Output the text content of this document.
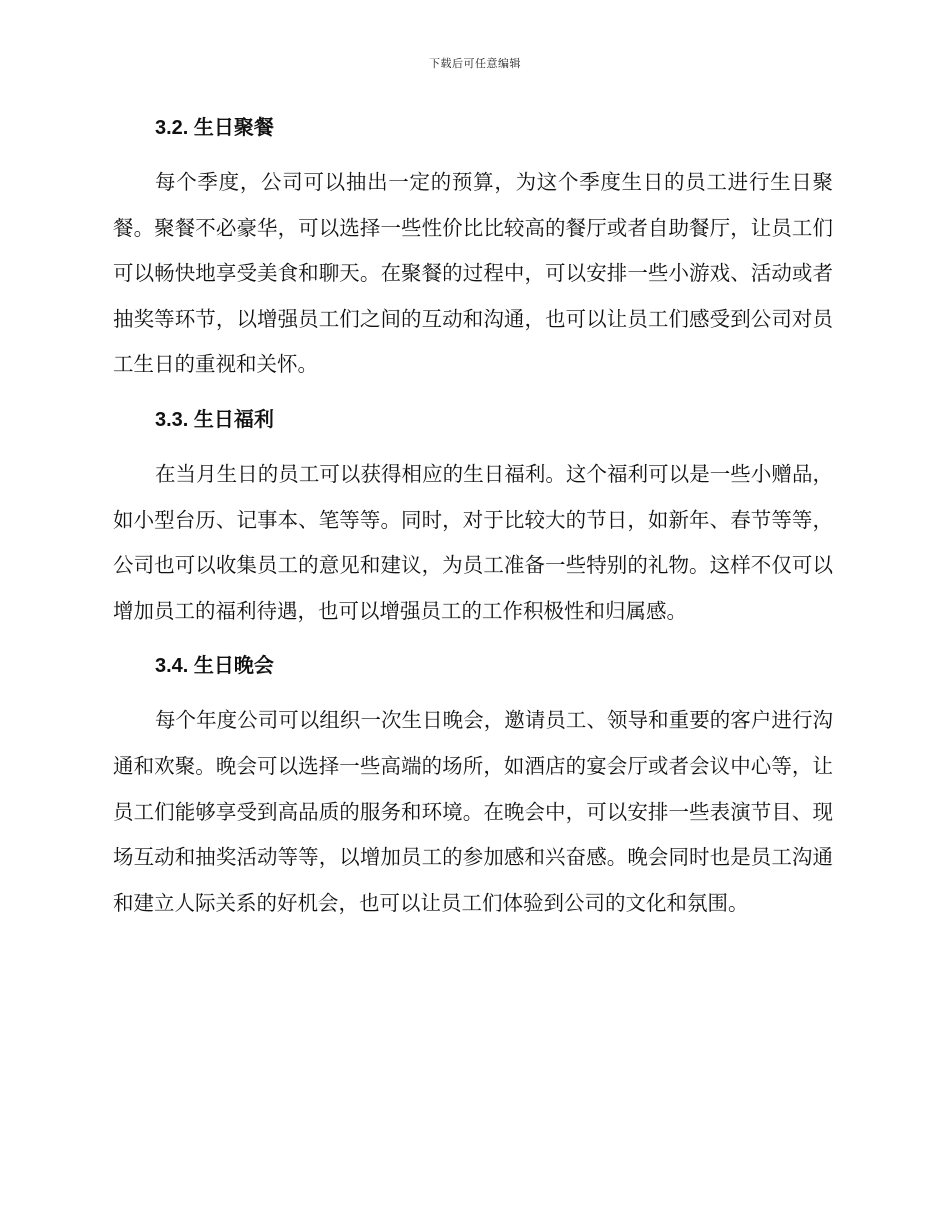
下载后可任意编辑
3.2. 生日聚餐

每个季度，公司可以抽出一定的预算，为这个季度生日的员工进行生日聚餐。聚餐不必豪华，可以选择一些性价比比较高的餐厅或者自助餐厅，让员工们可以畅快地享受美食和聊天。在聚餐的过程中，可以安排一些小游戏、活动或者抽奖等环节，以增强员工们之间的互动和沟通，也可以让员工们感受到公司对员工生日的重视和关怀。

3.3. 生日福利

在当月生日的员工可以获得相应的生日福利。这个福利可以是一些小赠品，如小型台历、记事本、笔等等。同时，对于比较大的节日，如新年、春节等等，公司也可以收集员工的意见和建议，为员工准备一些特别的礼物。这样不仅可以增加员工的福利待遇，也可以增强员工的工作积极性和归属感。

3.4. 生日晚会

每个年度公司可以组织一次生日晚会，邀请员工、领导和重要的客户进行沟通和欢聚。晚会可以选择一些高端的场所，如酒店的宴会厅或者会议中心等，让员工们能够享受到高品质的服务和环境。在晚会中，可以安排一些表演节目、现场互动和抽奖活动等等，以增加员工的参加感和兴奋感。晚会同时也是员工沟通和建立人际关系的好机会，也可以让员工们体验到公司的文化和氛围。
